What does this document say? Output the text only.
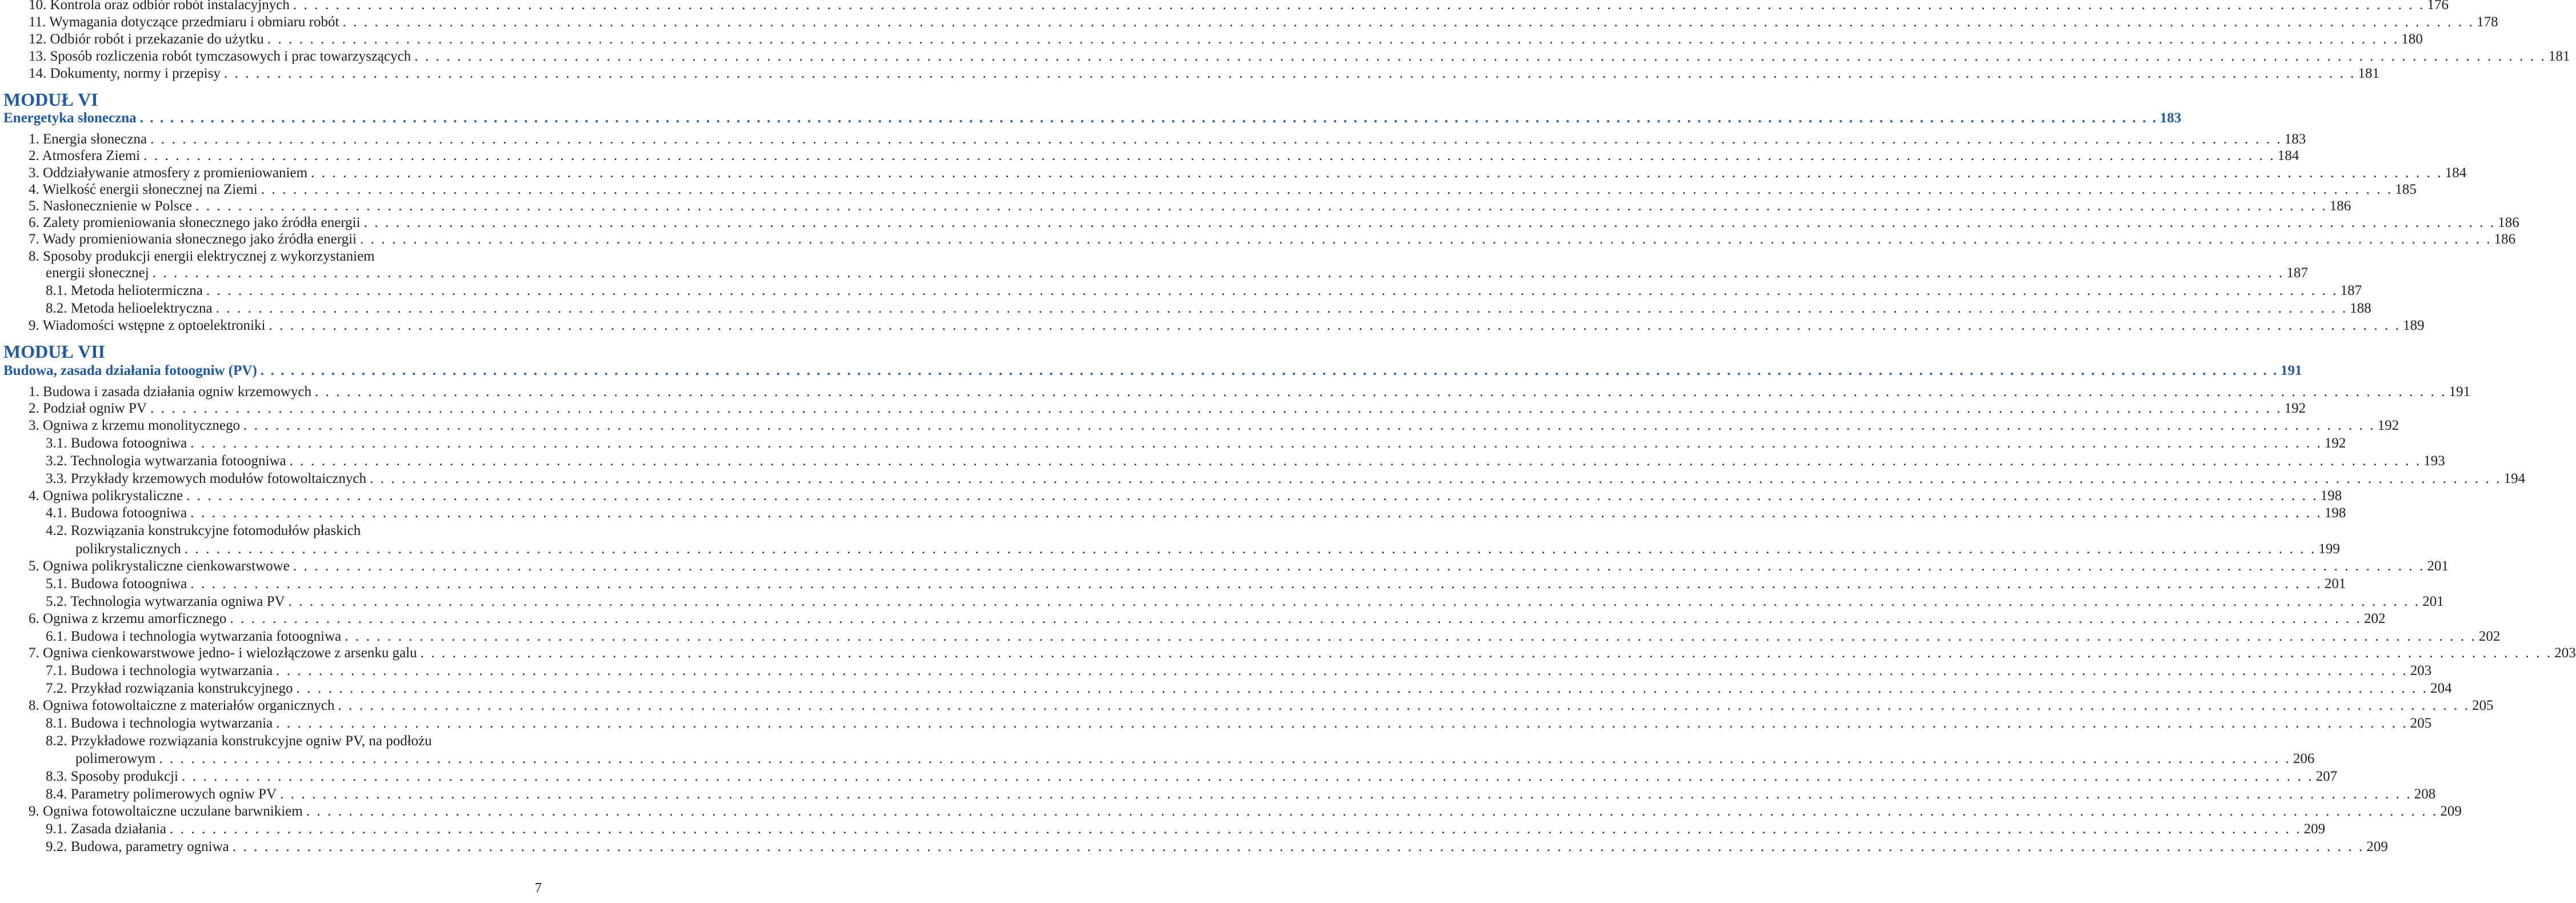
10. Kontrola oraz odbiór robót instalacyjnych . . . . . . . . . . . . . . . . . . . . . . . . . . . . . . . . . . . . . . . . . . . . . . . . . . . . . . . . . . . . . . . . . . . . . . . . . . . . . . . . . . . . . . . . . . . . . . . . . . . . . . . . . . . . . . . . . . . . . . . . . . . . . . . . . . . . . . . . . . . . . . . . . . . . . . . . . . . . . . . . . . . . . . . . . . . . . . . . . . . . . . . . . . . . . . . . . . . . . . . . 176
11. Wymagania dotyczące przedmiaru i obmiaru robót . . . . . . . . . . . . . . . . . . . . . . . . . . . . . . . . . . . . . . . . . . . . . . . . . . . . . . . . . . . . . . . . . . . . . . . . . . . . . . . . . . . . . . . . . . . . . . . . . . . . . . . . . . . . . . . . . . . . . . . . . . . . . . . . . . . . . . . . . . . . . . . . . . . . . . . . . . . . . . . . . . . . . . . . . . . . . . . . . . . . . . . . . . . . . . . . . . . . . . . . 178
12. Odbiór robót i przekazanie do użytku . . . . . . . . . . . . . . . . . . . . . . . . . . . . . . . . . . . . . . . . . . . . . . . . . . . . . . . . . . . . . . . . . . . . . . . . . . . . . . . . . . . . . . . . . . . . . . . . . . . . . . . . . . . . . . . . . . . . . . . . . . . . . . . . . . . . . . . . . . . . . . . . . . . . . . . . . . . . . . . . . . . . . . . . . . . . . . . . . . . . . . . . . . . . . . . . . . . . . . . . 180
13. Sposób rozliczenia robót tymczasowych i prac towarzyszących . . . . . . . . . . . . . . . . . . . . . . . . . . . . . . . . . . . . . . . . . . . . . . . . . . . . . . . . . . . . . . . . . . . . . . . . . . . . . . . . . . . . . . . . . . . . . . . . . . . . . . . . . . . . . . . . . . . . . . . . . . . . . . . . . . . . . . . . . . . . . . . . . . . . . . . . . . . . . . . . . . . . . . . . . . . . . . . . . . . . . . . . . . . . . . . . . . . . . . . . 181
14. Dokumenty, normy i przepisy . . . . . . . . . . . . . . . . . . . . . . . . . . . . . . . . . . . . . . . . . . . . . . . . . . . . . . . . . . . . . . . . . . . . . . . . . . . . . . . . . . . . . . . . . . . . . . . . . . . . . . . . . . . . . . . . . . . . . . . . . . . . . . . . . . . . . . . . . . . . . . . . . . . . . . . . . . . . . . . . . . . . . . . . . . . . . . . . . . . . . . . . . . . . . . . . . . . . . . . . 181
MODUŁ VI
Energetyka słoneczna . . . . . . . . . . . . . . . . . . . . . . . . . . . . . . . . . . . . . . . . . . . . . . . . . . . . . . . . . . . . . . . . . . . . . . . . . . . . . . . . . . . . . . . . . . . . . . . . . . . . . . . . . . . . . . . . . . . . . . . . . . . . . . . . . . . . . . . . . . . . . . . . . . . . . . . . . . . . . . . . . . . . . . . . . . . . . . . . . . . . . . . . . . . . . . . . . . . . . . . . 183
1. Energia słoneczna . . . . . . . . . . . . . . . . . . . . . . . . . . . . . . . . . . . . . . . . . . . . . . . . . . . . . . . . . . . . . . . . . . . . . . . . . . . . . . . . . . . . . . . . . . . . . . . . . . . . . . . . . . . . . . . . . . . . . . . . . . . . . . . . . . . . . . . . . . . . . . . . . . . . . . . . . . . . . . . . . . . . . . . . . . . . . . . . . . . . . . . . . . . . . . . . . . . . . . . . 183
2. Atmosfera Ziemi . . . . . . . . . . . . . . . . . . . . . . . . . . . . . . . . . . . . . . . . . . . . . . . . . . . . . . . . . . . . . . . . . . . . . . . . . . . . . . . . . . . . . . . . . . . . . . . . . . . . . . . . . . . . . . . . . . . . . . . . . . . . . . . . . . . . . . . . . . . . . . . . . . . . . . . . . . . . . . . . . . . . . . . . . . . . . . . . . . . . . . . . . . . . . . . . . . . . . . . . 184
3. Oddziaływanie atmosfery z promieniowaniem . . . . . . . . . . . . . . . . . . . . . . . . . . . . . . . . . . . . . . . . . . . . . . . . . . . . . . . . . . . . . . . . . . . . . . . . . . . . . . . . . . . . . . . . . . . . . . . . . . . . . . . . . . . . . . . . . . . . . . . . . . . . . . . . . . . . . . . . . . . . . . . . . . . . . . . . . . . . . . . . . . . . . . . . . . . . . . . . . . . . . . . . . . . . . . . . . . . . . . . . 184
4. Wielkość energii słonecznej na Ziemi . . . . . . . . . . . . . . . . . . . . . . . . . . . . . . . . . . . . . . . . . . . . . . . . . . . . . . . . . . . . . . . . . . . . . . . . . . . . . . . . . . . . . . . . . . . . . . . . . . . . . . . . . . . . . . . . . . . . . . . . . . . . . . . . . . . . . . . . . . . . . . . . . . . . . . . . . . . . . . . . . . . . . . . . . . . . . . . . . . . . . . . . . . . . . . . . . . . . . . . . 185
5. Nasłonecznienie w Polsce . . . . . . . . . . . . . . . . . . . . . . . . . . . . . . . . . . . . . . . . . . . . . . . . . . . . . . . . . . . . . . . . . . . . . . . . . . . . . . . . . . . . . . . . . . . . . . . . . . . . . . . . . . . . . . . . . . . . . . . . . . . . . . . . . . . . . . . . . . . . . . . . . . . . . . . . . . . . . . . . . . . . . . . . . . . . . . . . . . . . . . . . . . . . . . . . . . . . . . . . 186
6. Zalety promieniowania słonecznego jako źródła energii . . . . . . . . . . . . . . . . . . . . . . . . . . . . . . . . . . . . . . . . . . . . . . . . . . . . . . . . . . . . . . . . . . . . . . . . . . . . . . . . . . . . . . . . . . . . . . . . . . . . . . . . . . . . . . . . . . . . . . . . . . . . . . . . . . . . . . . . . . . . . . . . . . . . . . . . . . . . . . . . . . . . . . . . . . . . . . . . . . . . . . . . . . . . . . . . . . . . . . . . 186
7. Wady promieniowania słonecznego jako źródła energii . . . . . . . . . . . . . . . . . . . . . . . . . . . . . . . . . . . . . . . . . . . . . . . . . . . . . . . . . . . . . . . . . . . . . . . . . . . . . . . . . . . . . . . . . . . . . . . . . . . . . . . . . . . . . . . . . . . . . . . . . . . . . . . . . . . . . . . . . . . . . . . . . . . . . . . . . . . . . . . . . . . . . . . . . . . . . . . . . . . . . . . . . . . . . . . . . . . . . . . . 186
8. Sposoby produkcji energii elektrycznej z wykorzystaniem
energii słonecznej . . . . . . . . . . . . . . . . . . . . . . . . . . . . . . . . . . . . . . . . . . . . . . . . . . . . . . . . . . . . . . . . . . . . . . . . . . . . . . . . . . . . . . . . . . . . . . . . . . . . . . . . . . . . . . . . . . . . . . . . . . . . . . . . . . . . . . . . . . . . . . . . . . . . . . . . . . . . . . . . . . . . . . . . . . . . . . . . . . . . . . . . . . . . . . . . . . . . . . . . 187
8.1. Metoda heliotermiczna . . . . . . . . . . . . . . . . . . . . . . . . . . . . . . . . . . . . . . . . . . . . . . . . . . . . . . . . . . . . . . . . . . . . . . . . . . . . . . . . . . . . . . . . . . . . . . . . . . . . . . . . . . . . . . . . . . . . . . . . . . . . . . . . . . . . . . . . . . . . . . . . . . . . . . . . . . . . . . . . . . . . . . . . . . . . . . . . . . . . . . . . . . . . . . . . . . . . . . . . 187
8.2. Metoda helioelektryczna . . . . . . . . . . . . . . . . . . . . . . . . . . . . . . . . . . . . . . . . . . . . . . . . . . . . . . . . . . . . . . . . . . . . . . . . . . . . . . . . . . . . . . . . . . . . . . . . . . . . . . . . . . . . . . . . . . . . . . . . . . . . . . . . . . . . . . . . . . . . . . . . . . . . . . . . . . . . . . . . . . . . . . . . . . . . . . . . . . . . . . . . . . . . . . . . . . . . . . . . 188
9. Wiadomości wstępne z optoelektroniki . . . . . . . . . . . . . . . . . . . . . . . . . . . . . . . . . . . . . . . . . . . . . . . . . . . . . . . . . . . . . . . . . . . . . . . . . . . . . . . . . . . . . . . . . . . . . . . . . . . . . . . . . . . . . . . . . . . . . . . . . . . . . . . . . . . . . . . . . . . . . . . . . . . . . . . . . . . . . . . . . . . . . . . . . . . . . . . . . . . . . . . . . . . . . . . . . . . . . . . . 189
MODUŁ VII
Budowa, zasada działania fotoogniw (PV) . . . . . . . . . . . . . . . . . . . . . . . . . . . . . . . . . . . . . . . . . . . . . . . . . . . . . . . . . . . . . . . . . . . . . . . . . . . . . . . . . . . . . . . . . . . . . . . . . . . . . . . . . . . . . . . . . . . . . . . . . . . . . . . . . . . . . . . . . . . . . . . . . . . . . . . . . . . . . . . . . . . . . . . . . . . . . . . . . . . . . . . . . . . . . . . . . . . . . . . . 191
1. Budowa i zasada działania ogniw krzemowych . . . . . . . . . . . . . . . . . . . . . . . . . . . . . . . . . . . . . . . . . . . . . . . . . . . . . . . . . . . . . . . . . . . . . . . . . . . . . . . . . . . . . . . . . . . . . . . . . . . . . . . . . . . . . . . . . . . . . . . . . . . . . . . . . . . . . . . . . . . . . . . . . . . . . . . . . . . . . . . . . . . . . . . . . . . . . . . . . . . . . . . . . . . . . . . . . . . . . . . . 191
2. Podział ogniw PV . . . . . . . . . . . . . . . . . . . . . . . . . . . . . . . . . . . . . . . . . . . . . . . . . . . . . . . . . . . . . . . . . . . . . . . . . . . . . . . . . . . . . . . . . . . . . . . . . . . . . . . . . . . . . . . . . . . . . . . . . . . . . . . . . . . . . . . . . . . . . . . . . . . . . . . . . . . . . . . . . . . . . . . . . . . . . . . . . . . . . . . . . . . . . . . . . . . . . . . . 192
3. Ogniwa z krzemu monolitycznego . . . . . . . . . . . . . . . . . . . . . . . . . . . . . . . . . . . . . . . . . . . . . . . . . . . . . . . . . . . . . . . . . . . . . . . . . . . . . . . . . . . . . . . . . . . . . . . . . . . . . . . . . . . . . . . . . . . . . . . . . . . . . . . . . . . . . . . . . . . . . . . . . . . . . . . . . . . . . . . . . . . . . . . . . . . . . . . . . . . . . . . . . . . . . . . . . . . . . . . . 192
3.1. Budowa fotoogniwa . . . . . . . . . . . . . . . . . . . . . . . . . . . . . . . . . . . . . . . . . . . . . . . . . . . . . . . . . . . . . . . . . . . . . . . . . . . . . . . . . . . . . . . . . . . . . . . . . . . . . . . . . . . . . . . . . . . . . . . . . . . . . . . . . . . . . . . . . . . . . . . . . . . . . . . . . . . . . . . . . . . . . . . . . . . . . . . . . . . . . . . . . . . . . . . . . . . . . . . . 192
3.2. Technologia wytwarzania fotoogniwa . . . . . . . . . . . . . . . . . . . . . . . . . . . . . . . . . . . . . . . . . . . . . . . . . . . . . . . . . . . . . . . . . . . . . . . . . . . . . . . . . . . . . . . . . . . . . . . . . . . . . . . . . . . . . . . . . . . . . . . . . . . . . . . . . . . . . . . . . . . . . . . . . . . . . . . . . . . . . . . . . . . . . . . . . . . . . . . . . . . . . . . . . . . . . . . . . . . . . . . . 193
3.3. Przykłady krzemowych modułów fotowoltaicznych . . . . . . . . . . . . . . . . . . . . . . . . . . . . . . . . . . . . . . . . . . . . . . . . . . . . . . . . . . . . . . . . . . . . . . . . . . . . . . . . . . . . . . . . . . . . . . . . . . . . . . . . . . . . . . . . . . . . . . . . . . . . . . . . . . . . . . . . . . . . . . . . . . . . . . . . . . . . . . . . . . . . . . . . . . . . . . . . . . . . . . . . . . . . . . . . . . . . . . . . 194
4. Ogniwa polikrystaliczne . . . . . . . . . . . . . . . . . . . . . . . . . . . . . . . . . . . . . . . . . . . . . . . . . . . . . . . . . . . . . . . . . . . . . . . . . . . . . . . . . . . . . . . . . . . . . . . . . . . . . . . . . . . . . . . . . . . . . . . . . . . . . . . . . . . . . . . . . . . . . . . . . . . . . . . . . . . . . . . . . . . . . . . . . . . . . . . . . . . . . . . . . . . . . . . . . . . . . . . . 198
4.1. Budowa fotoogniwa . . . . . . . . . . . . . . . . . . . . . . . . . . . . . . . . . . . . . . . . . . . . . . . . . . . . . . . . . . . . . . . . . . . . . . . . . . . . . . . . . . . . . . . . . . . . . . . . . . . . . . . . . . . . . . . . . . . . . . . . . . . . . . . . . . . . . . . . . . . . . . . . . . . . . . . . . . . . . . . . . . . . . . . . . . . . . . . . . . . . . . . . . . . . . . . . . . . . . . . . 198
4.2. Rozwiązania konstrukcyjne fotomodułów płaskich
polikrystalicznych . . . . . . . . . . . . . . . . . . . . . . . . . . . . . . . . . . . . . . . . . . . . . . . . . . . . . . . . . . . . . . . . . . . . . . . . . . . . . . . . . . . . . . . . . . . . . . . . . . . . . . . . . . . . . . . . . . . . . . . . . . . . . . . . . . . . . . . . . . . . . . . . . . . . . . . . . . . . . . . . . . . . . . . . . . . . . . . . . . . . . . . . . . . . . . . . . . . . . . . . 199
5. Ogniwa polikrystaliczne cienkowarstwowe . . . . . . . . . . . . . . . . . . . . . . . . . . . . . . . . . . . . . . . . . . . . . . . . . . . . . . . . . . . . . . . . . . . . . . . . . . . . . . . . . . . . . . . . . . . . . . . . . . . . . . . . . . . . . . . . . . . . . . . . . . . . . . . . . . . . . . . . . . . . . . . . . . . . . . . . . . . . . . . . . . . . . . . . . . . . . . . . . . . . . . . . . . . . . . . . . . . . . . . . 201
5.1. Budowa fotoogniwa . . . . . . . . . . . . . . . . . . . . . . . . . . . . . . . . . . . . . . . . . . . . . . . . . . . . . . . . . . . . . . . . . . . . . . . . . . . . . . . . . . . . . . . . . . . . . . . . . . . . . . . . . . . . . . . . . . . . . . . . . . . . . . . . . . . . . . . . . . . . . . . . . . . . . . . . . . . . . . . . . . . . . . . . . . . . . . . . . . . . . . . . . . . . . . . . . . . . . . . . 201
5.2. Technologia wytwarzania ogniwa PV . . . . . . . . . . . . . . . . . . . . . . . . . . . . . . . . . . . . . . . . . . . . . . . . . . . . . . . . . . . . . . . . . . . . . . . . . . . . . . . . . . . . . . . . . . . . . . . . . . . . . . . . . . . . . . . . . . . . . . . . . . . . . . . . . . . . . . . . . . . . . . . . . . . . . . . . . . . . . . . . . . . . . . . . . . . . . . . . . . . . . . . . . . . . . . . . . . . . . . . . 201
6. Ogniwa z krzemu amorficznego . . . . . . . . . . . . . . . . . . . . . . . . . . . . . . . . . . . . . . . . . . . . . . . . . . . . . . . . . . . . . . . . . . . . . . . . . . . . . . . . . . . . . . . . . . . . . . . . . . . . . . . . . . . . . . . . . . . . . . . . . . . . . . . . . . . . . . . . . . . . . . . . . . . . . . . . . . . . . . . . . . . . . . . . . . . . . . . . . . . . . . . . . . . . . . . . . . . . . . . . 202
6.1. Budowa i technologia wytwarzania fotoogniwa . . . . . . . . . . . . . . . . . . . . . . . . . . . . . . . . . . . . . . . . . . . . . . . . . . . . . . . . . . . . . . . . . . . . . . . . . . . . . . . . . . . . . . . . . . . . . . . . . . . . . . . . . . . . . . . . . . . . . . . . . . . . . . . . . . . . . . . . . . . . . . . . . . . . . . . . . . . . . . . . . . . . . . . . . . . . . . . . . . . . . . . . . . . . . . . . . . . . . . . . 202
7. Ogniwa cienkowarstwowe jedno- i wielozłączowe z arsenku galu . . . . . . . . . . . . . . . . . . . . . . . . . . . . . . . . . . . . . . . . . . . . . . . . . . . . . . . . . . . . . . . . . . . . . . . . . . . . . . . . . . . . . . . . . . . . . . . . . . . . . . . . . . . . . . . . . . . . . . . . . . . . . . . . . . . . . . . . . . . . . . . . . . . . . . . . . . . . . . . . . . . . . . . . . . . . . . . . . . . . . . . . . . . . . . . . . . . . . . . . 203
7.1. Budowa i technologia wytwarzania . . . . . . . . . . . . . . . . . . . . . . . . . . . . . . . . . . . . . . . . . . . . . . . . . . . . . . . . . . . . . . . . . . . . . . . . . . . . . . . . . . . . . . . . . . . . . . . . . . . . . . . . . . . . . . . . . . . . . . . . . . . . . . . . . . . . . . . . . . . . . . . . . . . . . . . . . . . . . . . . . . . . . . . . . . . . . . . . . . . . . . . . . . . . . . . . . . . . . . . . 203
7.2. Przykład rozwiązania konstrukcyjnego . . . . . . . . . . . . . . . . . . . . . . . . . . . . . . . . . . . . . . . . . . . . . . . . . . . . . . . . . . . . . . . . . . . . . . . . . . . . . . . . . . . . . . . . . . . . . . . . . . . . . . . . . . . . . . . . . . . . . . . . . . . . . . . . . . . . . . . . . . . . . . . . . . . . . . . . . . . . . . . . . . . . . . . . . . . . . . . . . . . . . . . . . . . . . . . . . . . . . . . . 204
8. Ogniwa fotowoltaiczne z materiałów organicznych . . . . . . . . . . . . . . . . . . . . . . . . . . . . . . . . . . . . . . . . . . . . . . . . . . . . . . . . . . . . . . . . . . . . . . . . . . . . . . . . . . . . . . . . . . . . . . . . . . . . . . . . . . . . . . . . . . . . . . . . . . . . . . . . . . . . . . . . . . . . . . . . . . . . . . . . . . . . . . . . . . . . . . . . . . . . . . . . . . . . . . . . . . . . . . . . . . . . . . . . 205
8.1. Budowa i technologia wytwarzania . . . . . . . . . . . . . . . . . . . . . . . . . . . . . . . . . . . . . . . . . . . . . . . . . . . . . . . . . . . . . . . . . . . . . . . . . . . . . . . . . . . . . . . . . . . . . . . . . . . . . . . . . . . . . . . . . . . . . . . . . . . . . . . . . . . . . . . . . . . . . . . . . . . . . . . . . . . . . . . . . . . . . . . . . . . . . . . . . . . . . . . . . . . . . . . . . . . . . . . . 205
8.2. Przykładowe rozwiązania konstrukcyjne ogniw PV, na podłożu
polimerowym . . . . . . . . . . . . . . . . . . . . . . . . . . . . . . . . . . . . . . . . . . . . . . . . . . . . . . . . . . . . . . . . . . . . . . . . . . . . . . . . . . . . . . . . . . . . . . . . . . . . . . . . . . . . . . . . . . . . . . . . . . . . . . . . . . . . . . . . . . . . . . . . . . . . . . . . . . . . . . . . . . . . . . . . . . . . . . . . . . . . . . . . . . . . . . . . . . . . . . . . 206
8.3. Sposoby produkcji . . . . . . . . . . . . . . . . . . . . . . . . . . . . . . . . . . . . . . . . . . . . . . . . . . . . . . . . . . . . . . . . . . . . . . . . . . . . . . . . . . . . . . . . . . . . . . . . . . . . . . . . . . . . . . . . . . . . . . . . . . . . . . . . . . . . . . . . . . . . . . . . . . . . . . . . . . . . . . . . . . . . . . . . . . . . . . . . . . . . . . . . . . . . . . . . . . . . . . . . 207
8.4. Parametry polimerowych ogniw PV . . . . . . . . . . . . . . . . . . . . . . . . . . . . . . . . . . . . . . . . . . . . . . . . . . . . . . . . . . . . . . . . . . . . . . . . . . . . . . . . . . . . . . . . . . . . . . . . . . . . . . . . . . . . . . . . . . . . . . . . . . . . . . . . . . . . . . . . . . . . . . . . . . . . . . . . . . . . . . . . . . . . . . . . . . . . . . . . . . . . . . . . . . . . . . . . . . . . . . . . 208
9. Ogniwa fotowoltaiczne uczulane barwnikiem . . . . . . . . . . . . . . . . . . . . . . . . . . . . . . . . . . . . . . . . . . . . . . . . . . . . . . . . . . . . . . . . . . . . . . . . . . . . . . . . . . . . . . . . . . . . . . . . . . . . . . . . . . . . . . . . . . . . . . . . . . . . . . . . . . . . . . . . . . . . . . . . . . . . . . . . . . . . . . . . . . . . . . . . . . . . . . . . . . . . . . . . . . . . . . . . . . . . . . . . 209
9.1. Zasada działania . . . . . . . . . . . . . . . . . . . . . . . . . . . . . . . . . . . . . . . . . . . . . . . . . . . . . . . . . . . . . . . . . . . . . . . . . . . . . . . . . . . . . . . . . . . . . . . . . . . . . . . . . . . . . . . . . . . . . . . . . . . . . . . . . . . . . . . . . . . . . . . . . . . . . . . . . . . . . . . . . . . . . . . . . . . . . . . . . . . . . . . . . . . . . . . . . . . . . . . . 209
9.2. Budowa, parametry ogniwa . . . . . . . . . . . . . . . . . . . . . . . . . . . . . . . . . . . . . . . . . . . . . . . . . . . . . . . . . . . . . . . . . . . . . . . . . . . . . . . . . . . . . . . . . . . . . . . . . . . . . . . . . . . . . . . . . . . . . . . . . . . . . . . . . . . . . . . . . . . . . . . . . . . . . . . . . . . . . . . . . . . . . . . . . . . . . . . . . . . . . . . . . . . . . . . . . . . . . . . . 209
7
